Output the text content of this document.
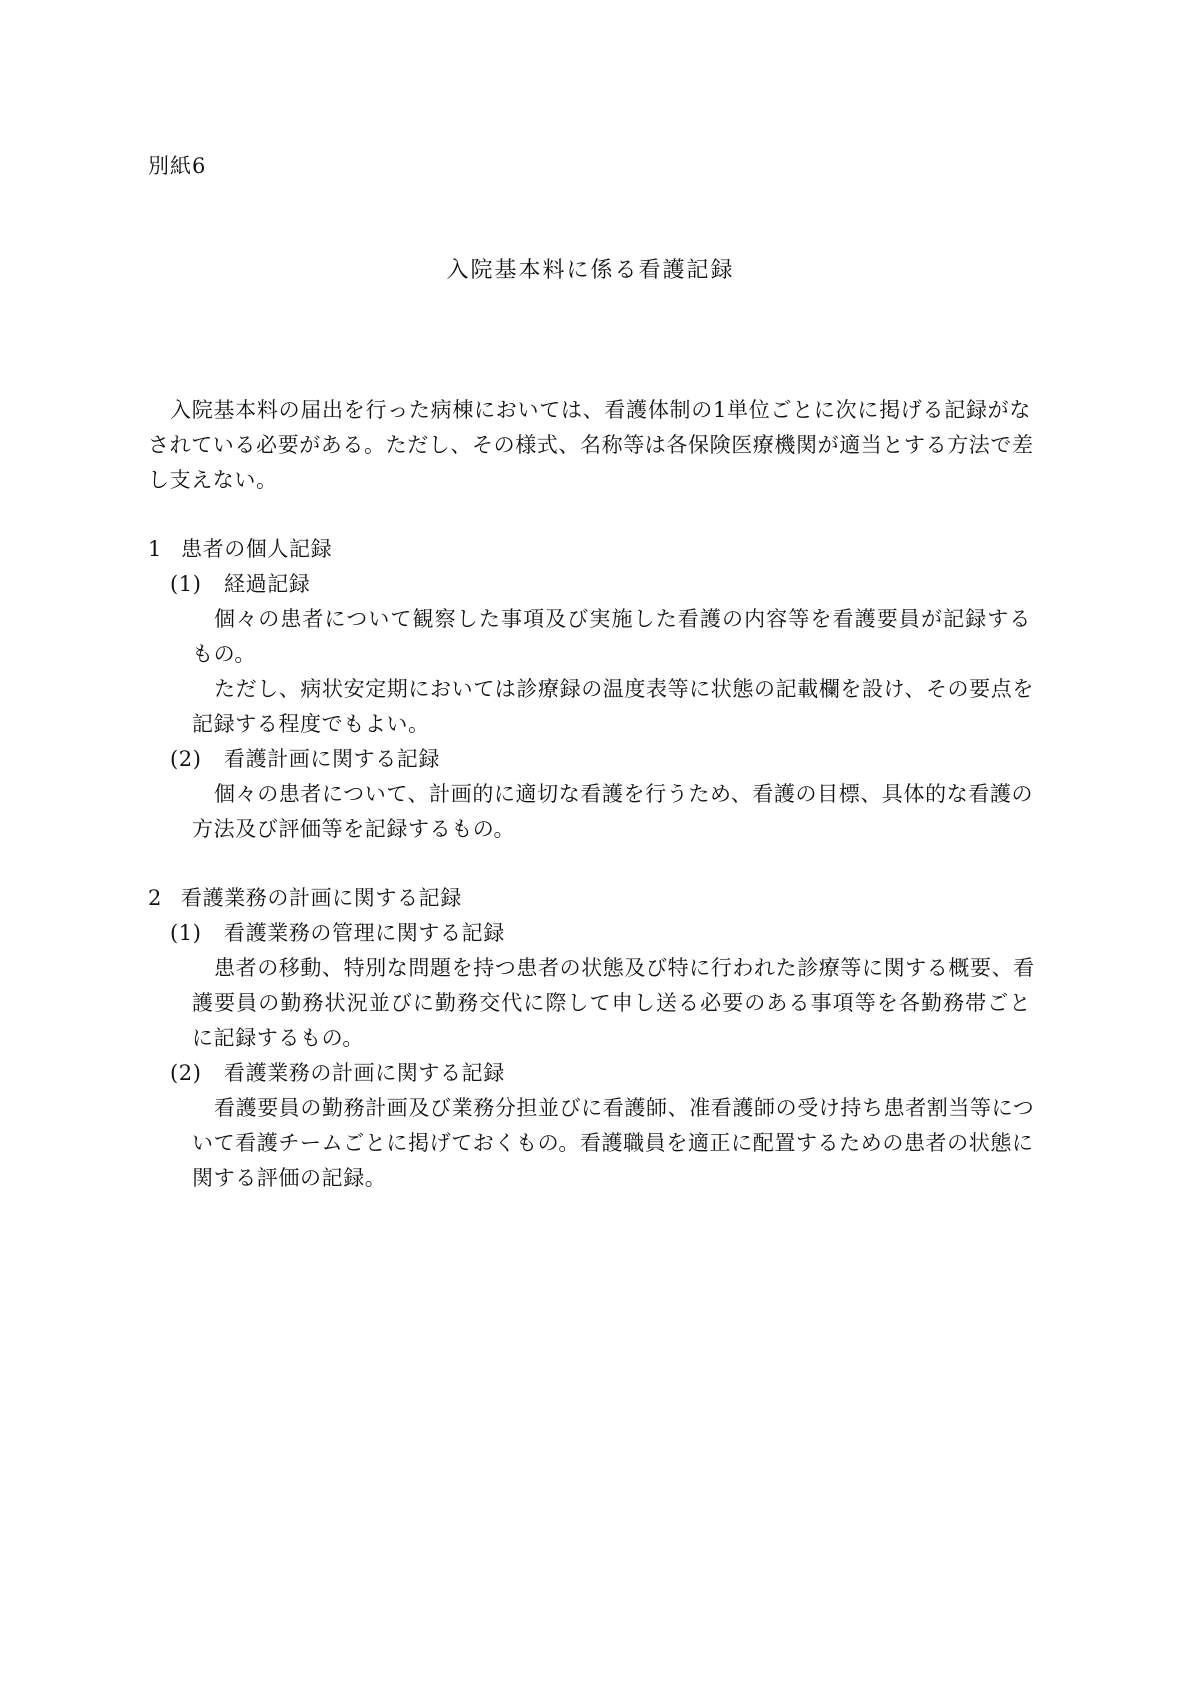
別紙6
入院基本料に係る看護記録
入院基本料の届出を行った病棟においては、看護体制の1単位ごとに次に掲げる記録がな
されている必要がある。ただし、その様式、名称等は各保険医療機関が適当とする方法で差
し支えない。
1 患者の個人記録
(1) 経過記録
個々の患者について観察した事項及び実施した看護の内容等を看護要員が記録する
もの。
ただし、病状安定期においては診療録の温度表等に状態の記載欄を設け、その要点を
記録する程度でもよい。
(2) 看護計画に関する記録
個々の患者について、計画的に適切な看護を行うため、看護の目標、具体的な看護の
方法及び評価等を記録するもの。
2 看護業務の計画に関する記録
(1) 看護業務の管理に関する記録
患者の移動、特別な問題を持つ患者の状態及び特に行われた診療等に関する概要、看
護要員の勤務状況並びに勤務交代に際して申し送る必要のある事項等を各勤務帯ごと
に記録するもの。
(2) 看護業務の計画に関する記録
看護要員の勤務計画及び業務分担並びに看護師、准看護師の受け持ち患者割当等につ
いて看護チームごとに掲げておくもの。看護職員を適正に配置するための患者の状態に
関する評価の記録。
